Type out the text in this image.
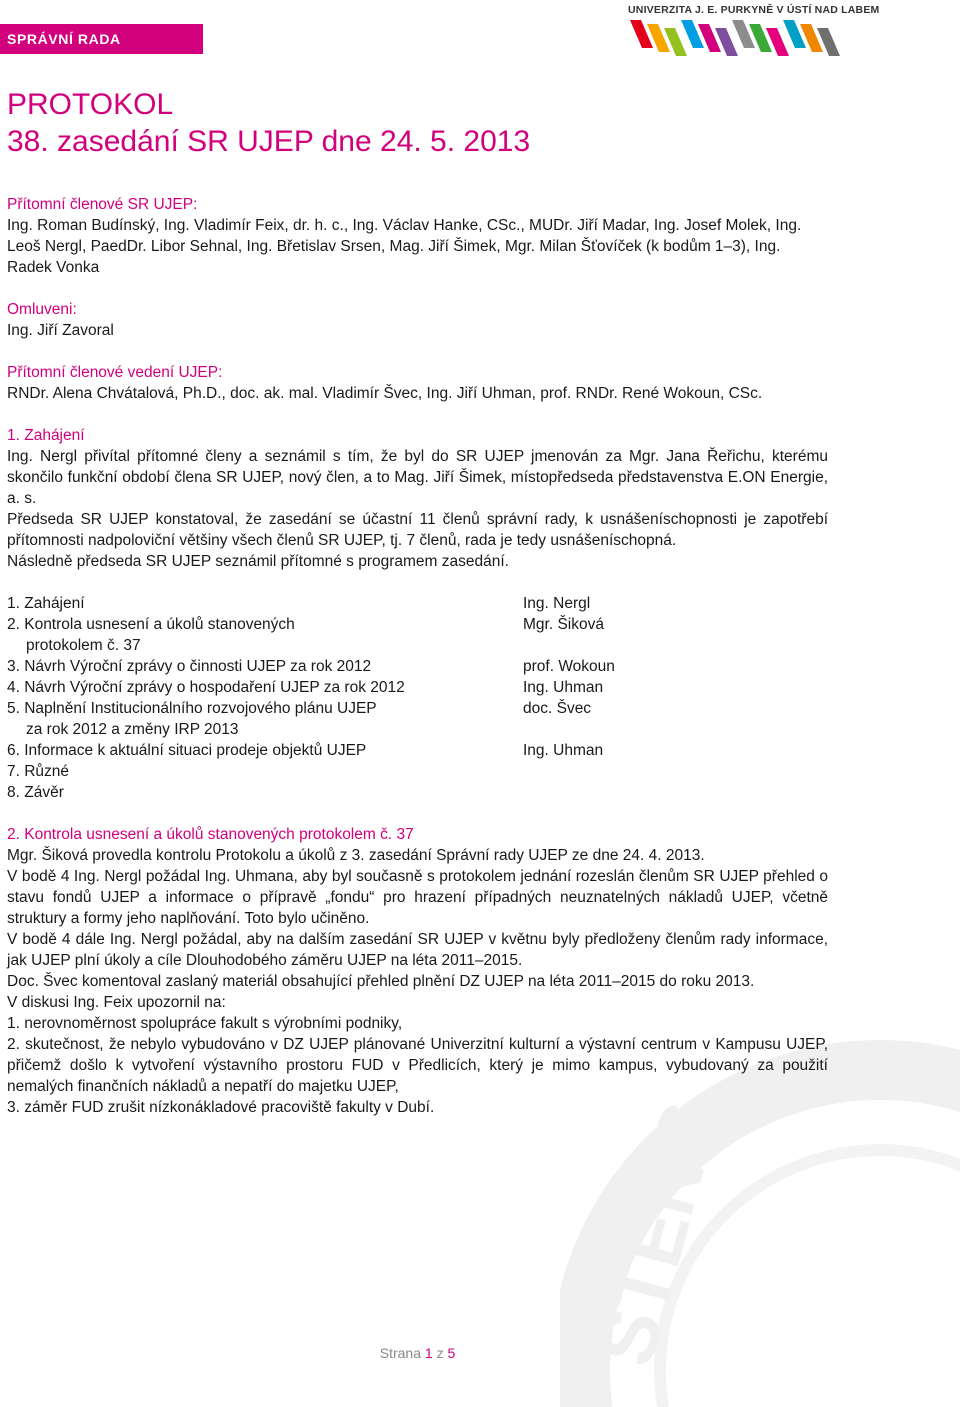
SPRÁVNÍ RADA
UNIVERZITA J. E. PURKYNĚ V ÚSTÍ NAD LABEM
STENS
PROTOKOL
38. zasedání SR UJEP dne 24. 5. 2013

Přítomní členové SR UJEP:

Ing. Roman Budínský, Ing. Vladimír Feix, dr. h. c., Ing. Václav Hanke, CSc., MUDr. Jiří Madar, Ing. Josef Molek, Ing. Leoš Nergl, PaedDr. Libor Sehnal, Ing. Břetislav Srsen, Mag. Jiří Šimek, Mgr. Milan Šťovíček (k bodům 1–3), Ing. Radek Vonka

Omluveni:

Ing. Jiří Zavoral

Přítomní členové vedení UJEP:

RNDr. Alena Chvátalová, Ph.D., doc. ak. mal. Vladimír Švec, Ing. Jiří Uhman, prof. RNDr. René Wokoun, CSc.

1. Zahájení

Ing. Nergl přivítal přítomné členy a seznámil s tím, že byl do SR UJEP jmenován za Mgr. Jana Řeřichu, kterému skončilo funkční období člena SR UJEP, nový člen, a to Mag. Jiří Šimek, místopředseda představenstva E.ON Energie, a. s.

Předseda SR UJEP konstatoval, že zasedání se účastní 11 členů správní rady, k usnášeníschopnosti je zapotřebí přítomnosti nadpoloviční většiny všech členů SR UJEP, tj. 7 členů, rada je tedy usnášeníschopná.

Následně předseda SR UJEP seznámil přítomné s programem zasedání.

1. Zahájení	Ing. Nergl

2. Kontrola usnesení a úkolů stanovených
protokolem č. 37	Mgr. Šiková

3. Návrh Výroční zprávy o činnosti UJEP za rok 2012	prof. Wokoun

4. Návrh Výroční zprávy o hospodaření UJEP za rok 2012	Ing. Uhman

5. Naplnění Institucionálního rozvojového plánu UJEP
za rok 2012 a změny IRP 2013	doc. Švec

6. Informace k aktuální situaci prodeje objektů UJEP	Ing. Uhman

7. Různé	

8. Závěr	

2. Kontrola usnesení a úkolů stanovených protokolem č. 37

Mgr. Šiková provedla kontrolu Protokolu a úkolů z 3. zasedání Správní rady UJEP ze dne 24. 4. 2013.

V bodě 4 Ing. Nergl požádal Ing. Uhmana, aby byl současně s protokolem jednání rozeslán členům SR UJEP přehled o stavu fondů UJEP a informace o přípravě „fondu“ pro hrazení případných neuznatelných nákladů UJEP, včetně struktury a formy jeho naplňování. Toto bylo učiněno.

V bodě 4 dále Ing. Nergl požádal, aby na dalším zasedání SR UJEP v květnu byly předloženy členům rady informace, jak UJEP plní úkoly a cíle Dlouhodobého záměru UJEP na léta 2011–2015.

Doc. Švec komentoval zaslaný materiál obsahující přehled plnění DZ UJEP na léta 2011–2015 do roku 2013.

V diskusi Ing. Feix upozornil na:

1. nerovnoměrnost spolupráce fakult s výrobními podniky,
2. skutečnost, že nebylo vybudováno v DZ UJEP plánované Univerzitní kulturní a výstavní centrum v Kampusu UJEP, přičemž došlo k vytvoření výstavního prostoru FUD v Předlicích, který je mimo kampus, vybudovaný za použití nemalých finančních nákladů a nepatří do majetku UJEP,
3. záměr FUD zrušit nízkonákladové pracoviště fakulty v Dubí.
Strana 1 z 5
